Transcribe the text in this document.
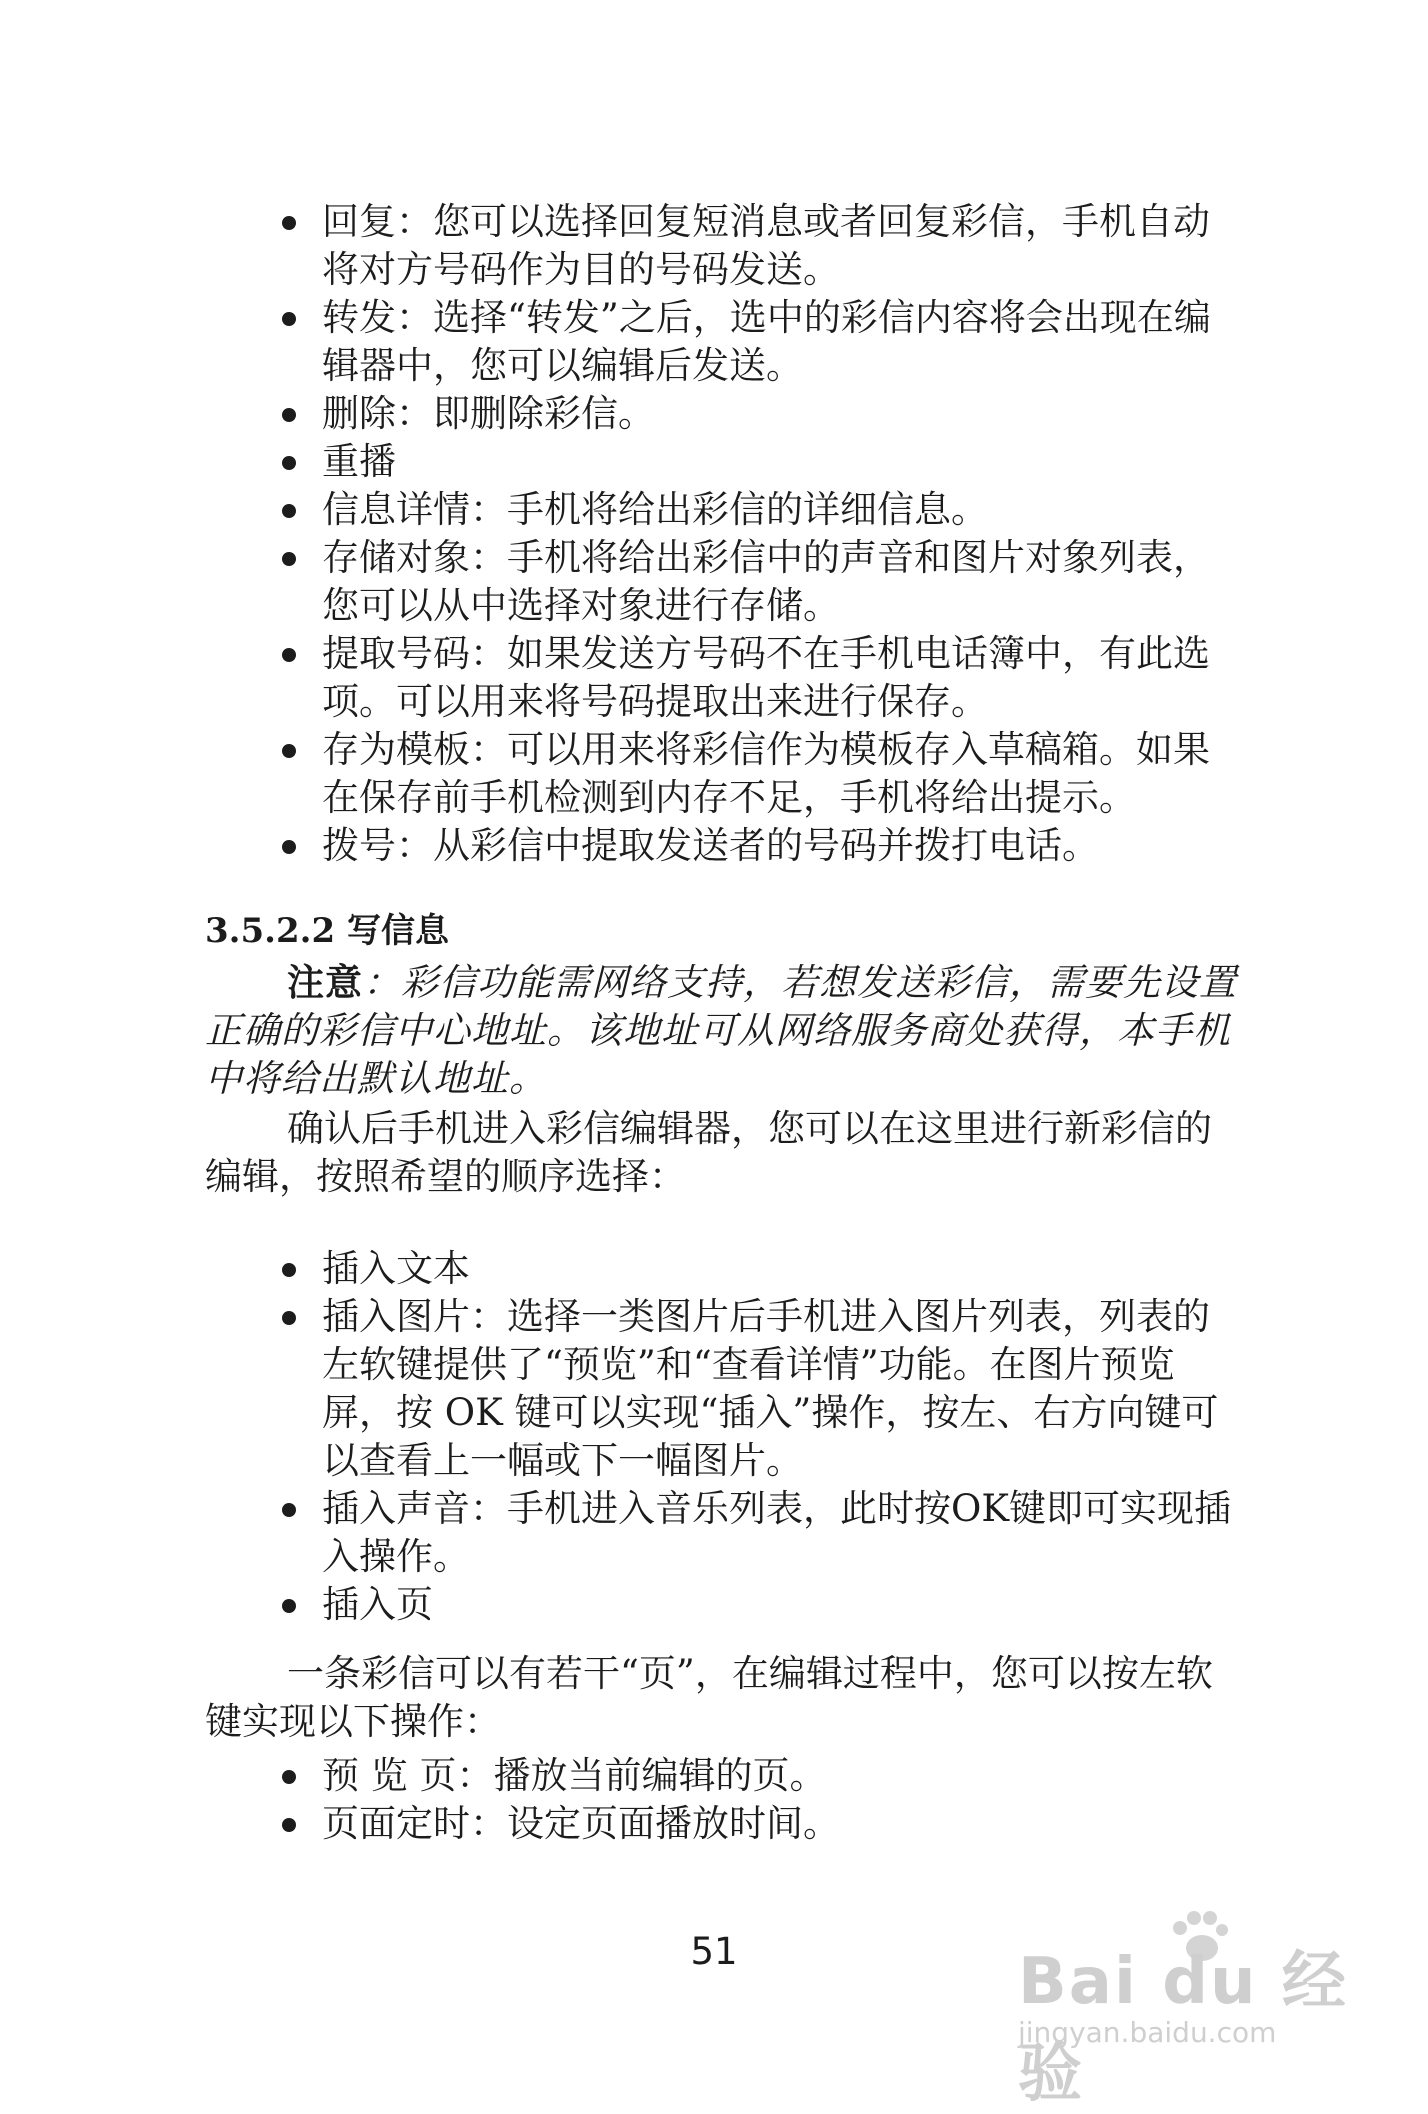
回复：您可以选择回复短消息或者回复彩信，手机自动将对方号码作为目的号码发送。
转发：选择“转发”之后，选中的彩信内容将会出现在编辑器中，您可以编辑后发送。
删除：即删除彩信。
重播
信息详情：手机将给出彩信的详细信息。
存储对象：手机将给出彩信中的声音和图片对象列表，您可以从中选择对象进行存储。
提取号码：如果发送方号码不在手机电话簿中，有此选项。可以用来将号码提取出来进行保存。
存为模板：可以用来将彩信作为模板存入草稿箱。如果在保存前手机检测到内存不足，手机将给出提示。
拨号：从彩信中提取发送者的号码并拨打电话。
3.5.2.2 写信息

注意：彩信功能需网络支持，若想发送彩信，需要先设置正确的彩信中心地址。该地址可从网络服务商处获得，本手机中将给出默认地址。

确认后手机进入彩信编辑器，您可以在这里进行新彩信的编辑，按照希望的顺序选择：

插入文本
插入图片：选择一类图片后手机进入图片列表，列表的左软键提供了“预览”和“查看详情”功能。在图片预览屏，按 OK 键可以实现“插入”操作，按左、右方向键可以查看上一幅或下一幅图片。
插入声音：手机进入音乐列表，此时按OK键即可实现插入操作。
插入页

一条彩信可以有若干“页”，在编辑过程中，您可以按左软键实现以下操作：

预 览 页：播放当前编辑的页。
页面定时：设定页面播放时间。
51	Bai du 经验
jingyan.baidu.com
